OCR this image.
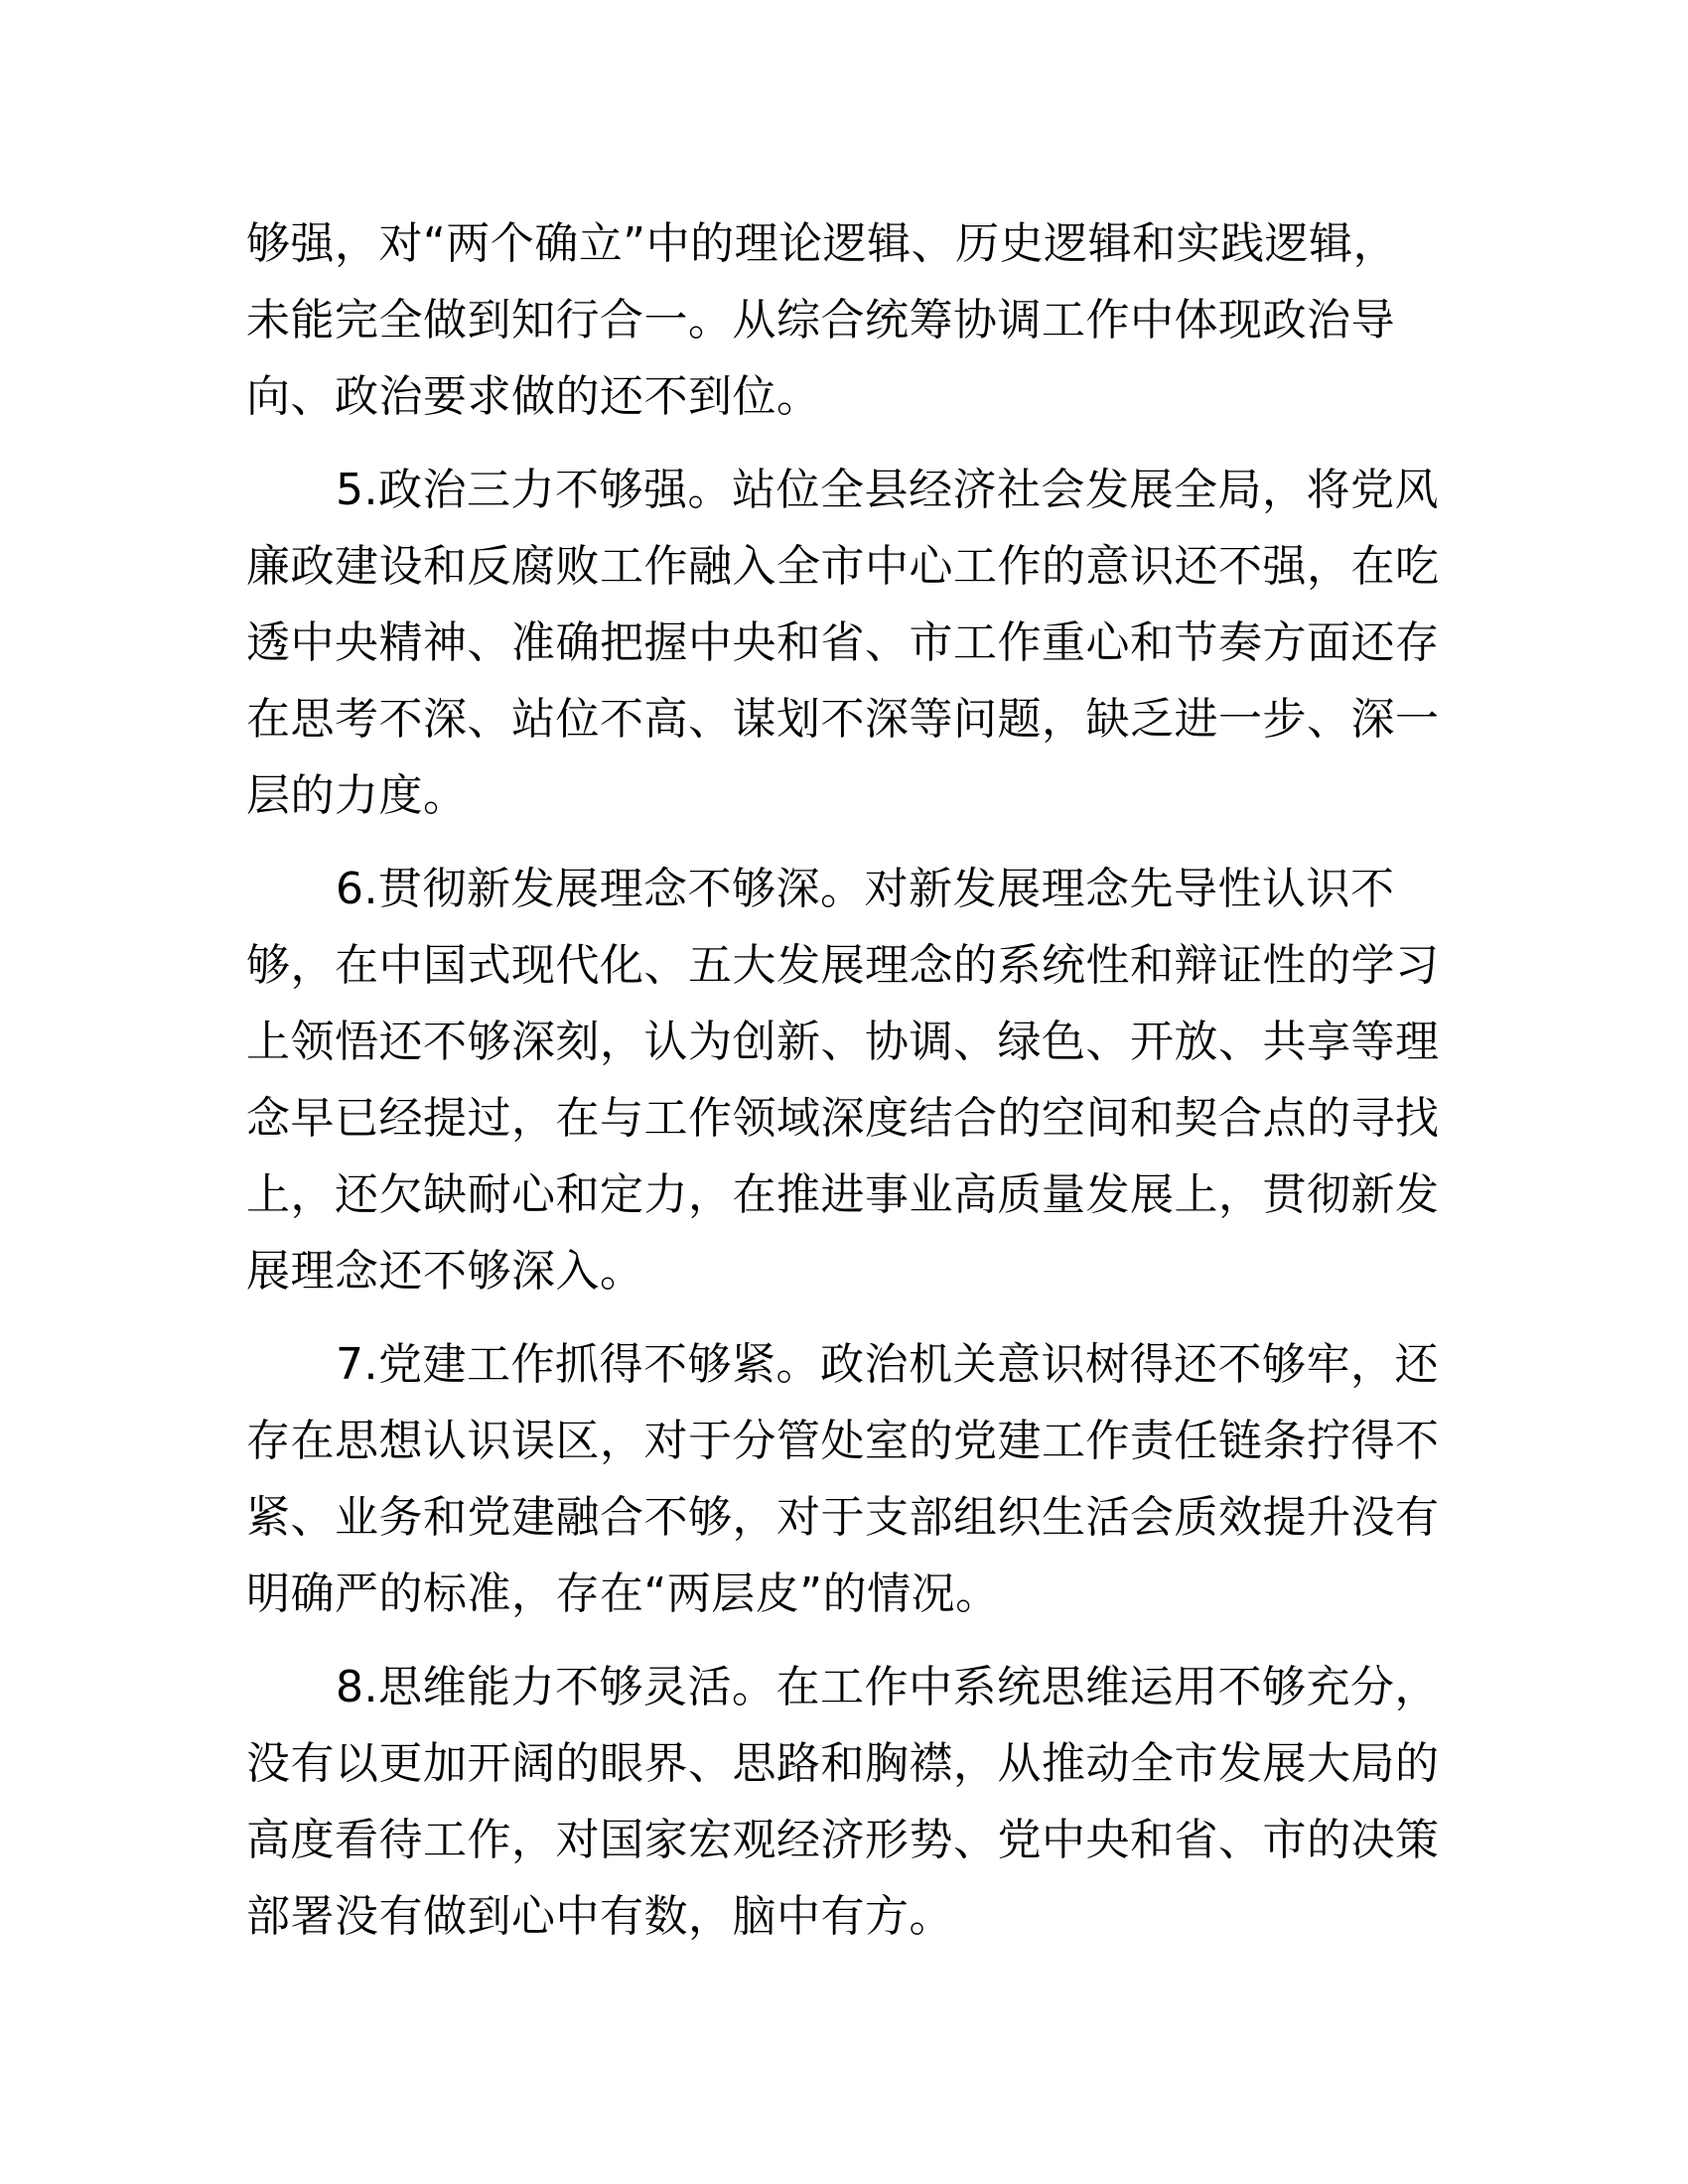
够强，对“两个确立”中的理论逻辑、历史逻辑和实践逻辑，
未能完全做到知行合一。从综合统筹协调工作中体现政治导
向、政治要求做的还不到位。

5.政治三力不够强。站位全县经济社会发展全局，将党风
廉政建设和反腐败工作融入全市中心工作的意识还不强，在吃
透中央精神、准确把握中央和省、市工作重心和节奏方面还存
在思考不深、站位不高、谋划不深等问题，缺乏进一步、深一
层的力度。

6.贯彻新发展理念不够深。对新发展理念先导性认识不
够，在中国式现代化、五大发展理念的系统性和辩证性的学习
上领悟还不够深刻，认为创新、协调、绿色、开放、共享等理
念早已经提过，在与工作领域深度结合的空间和契合点的寻找
上，还欠缺耐心和定力，在推进事业高质量发展上，贯彻新发
展理念还不够深入。

7.党建工作抓得不够紧。政治机关意识树得还不够牢，还
存在思想认识误区，对于分管处室的党建工作责任链条拧得不
紧、业务和党建融合不够，对于支部组织生活会质效提升没有
明确严的标准，存在“两层皮”的情况。

8.思维能力不够灵活。在工作中系统思维运用不够充分，
没有以更加开阔的眼界、思路和胸襟，从推动全市发展大局的
高度看待工作，对国家宏观经济形势、党中央和省、市的决策
部署没有做到心中有数，脑中有方。
